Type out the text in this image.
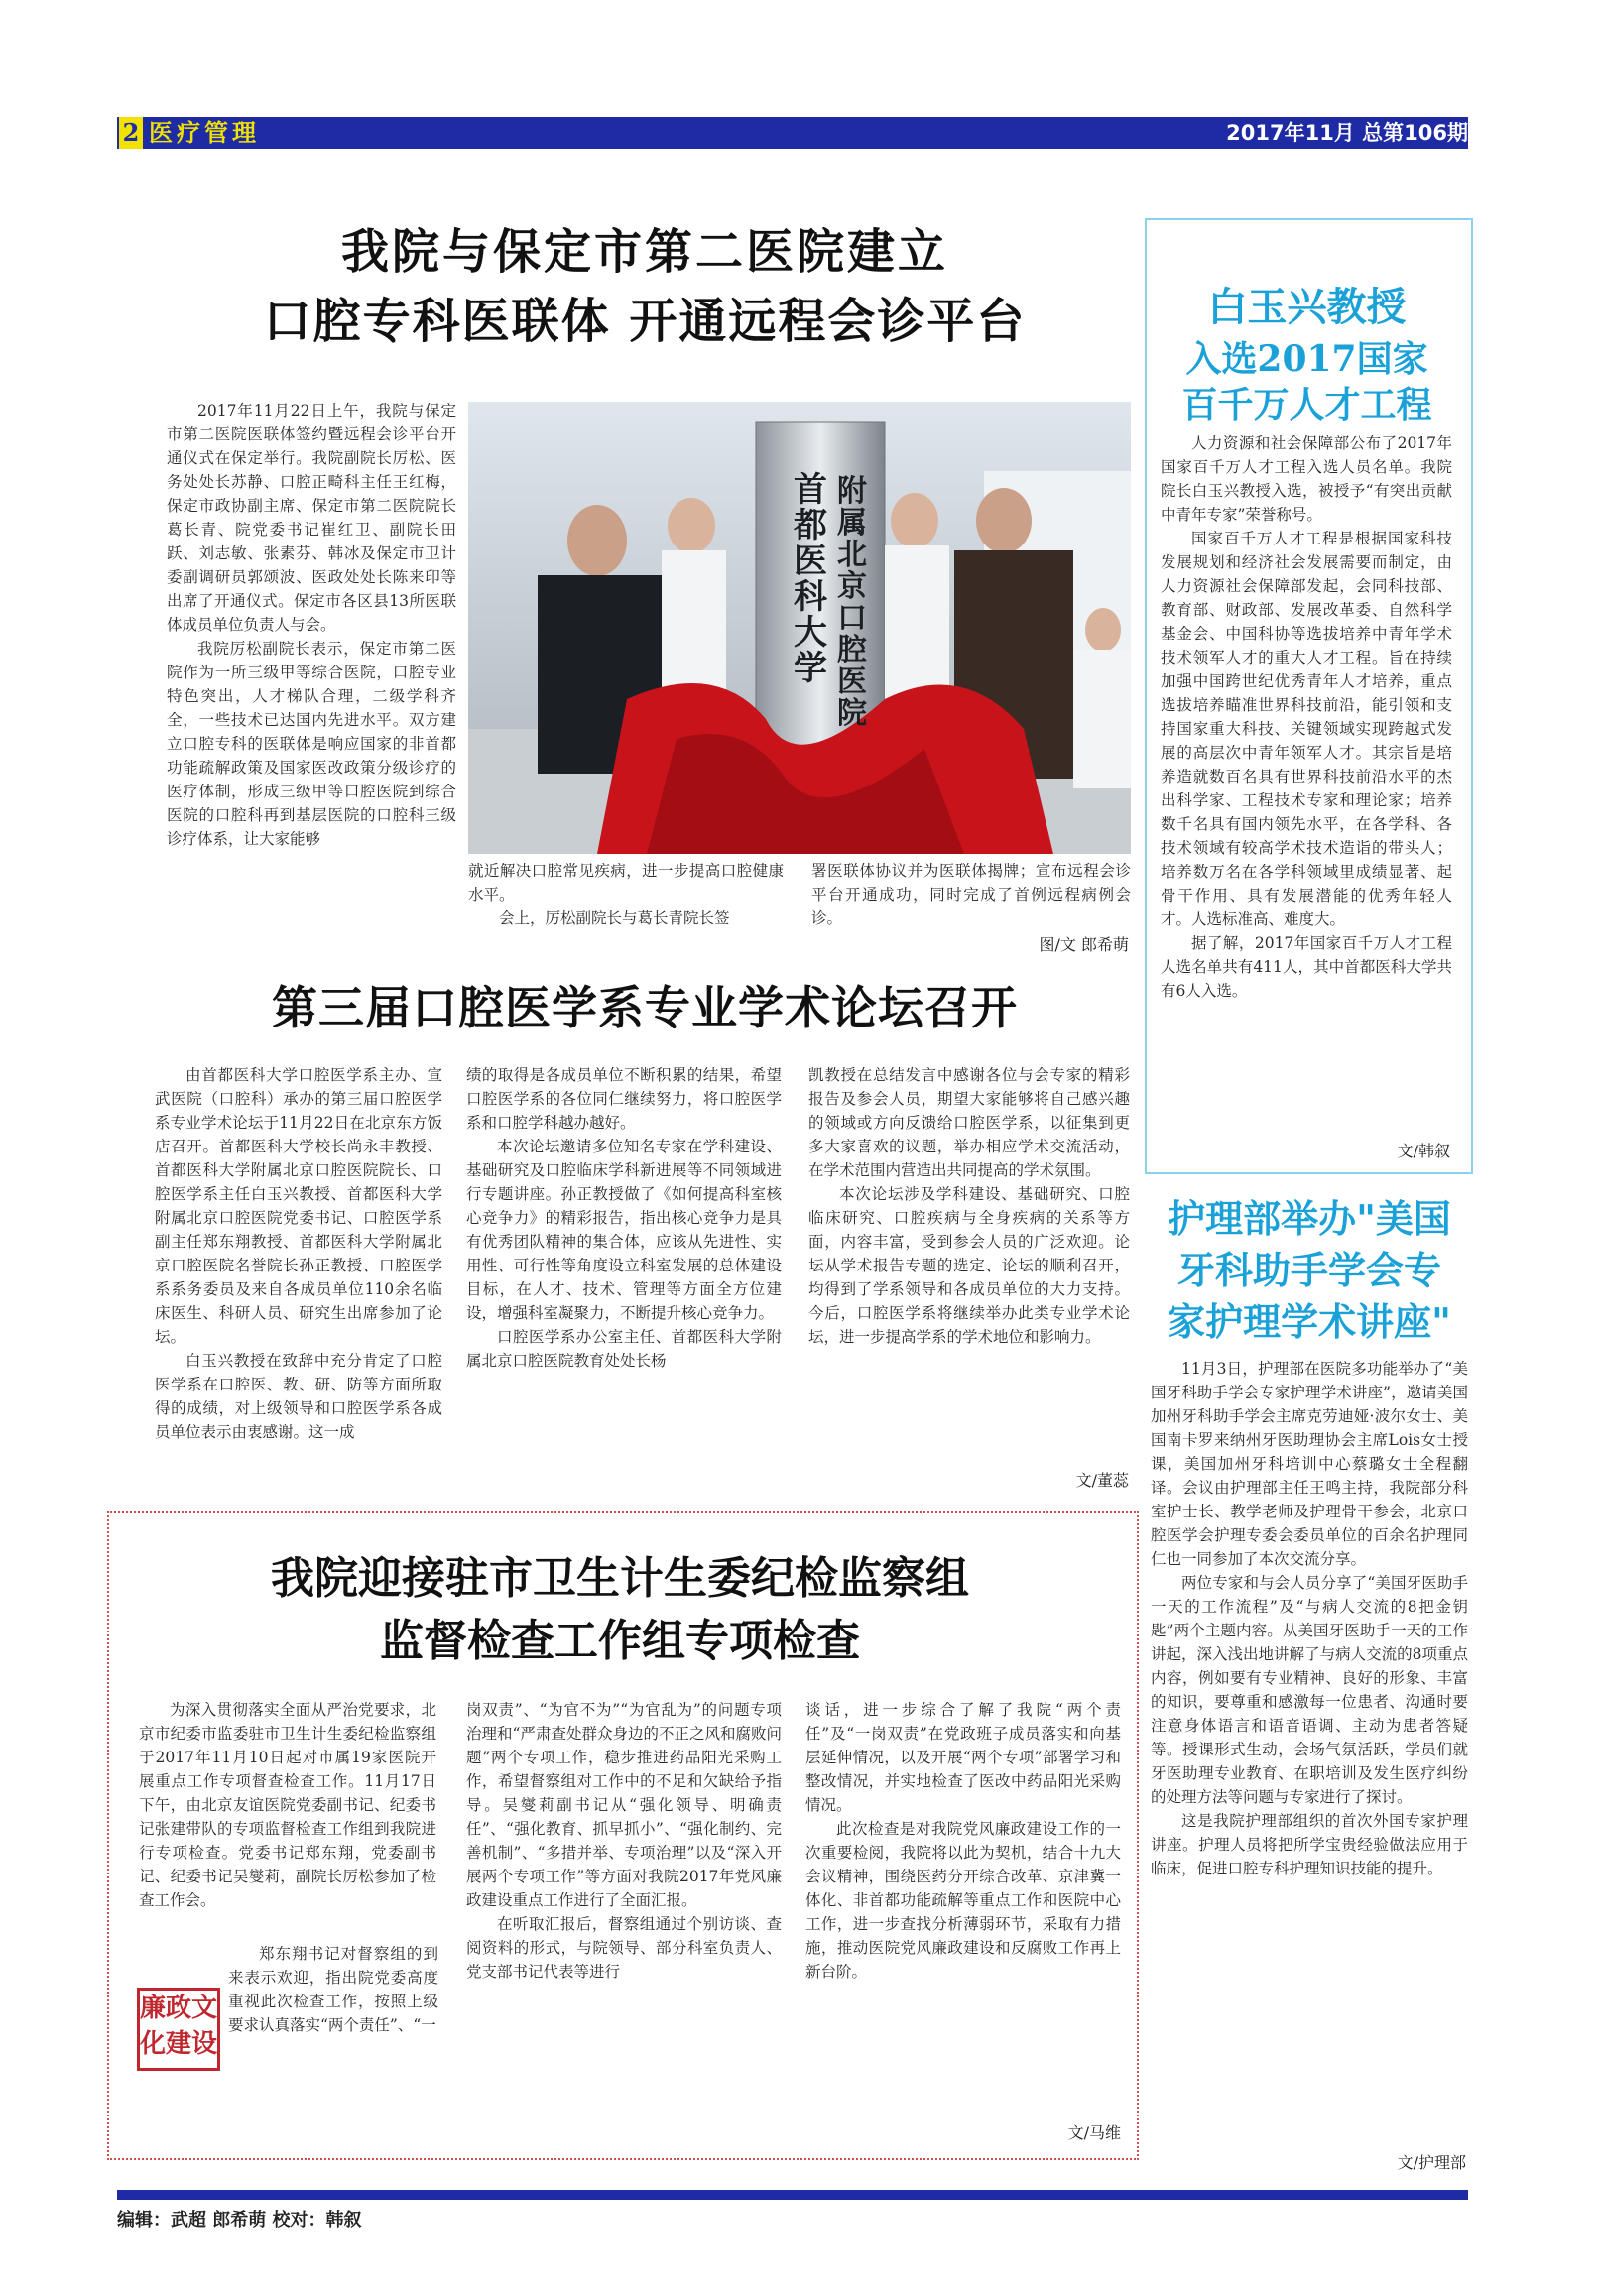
2 医疗管理	2017年11月 总第106期
我院与保定市第二医院建立
口腔专科医联体 开通远程会诊平台

2017年11月22日上午，我院与保定市第二医院医联体签约暨远程会诊平台开通仪式在保定举行。我院副院长厉松、医务处处长苏静、口腔正畸科主任王红梅，保定市政协副主席、保定市第二医院院长葛长青、院党委书记崔红卫、副院长田跃、刘志敏、张素芬、韩冰及保定市卫计委副调研员郭颂波、医政处处长陈来印等出席了开通仪式。保定市各区县13所医联体成员单位负责人与会。

我院厉松副院长表示，保定市第二医院作为一所三级甲等综合医院，口腔专业特色突出，人才梯队合理，二级学科齐全，一些技术已达国内先进水平。双方建立口腔专科的医联体是响应国家的非首都功能疏解政策及国家医改政策分级诊疗的医疗体制，形成三级甲等口腔医院到综合医院的口腔科再到基层医院的口腔科三级诊疗体系，让大家能够

首都医科大学
附属北京口腔医院

就近解决口腔常见疾病，进一步提高口腔健康水平。

会上，厉松副院长与葛长青院长签

署医联体协议并为医联体揭牌；宣布远程会诊平台开通成功，同时完成了首例远程病例会诊。

图/文 郎希萌
第三届口腔医学系专业学术论坛召开

由首都医科大学口腔医学系主办、宣武医院（口腔科）承办的第三届口腔医学系专业学术论坛于11月22日在北京东方饭店召开。首都医科大学校长尚永丰教授、首都医科大学附属北京口腔医院院长、口腔医学系主任白玉兴教授、首都医科大学附属北京口腔医院党委书记、口腔医学系副主任郑东翔教授、首都医科大学附属北京口腔医院名誉院长孙正教授、口腔医学系系务委员及来自各成员单位110余名临床医生、科研人员、研究生出席参加了论坛。

白玉兴教授在致辞中充分肯定了口腔医学系在口腔医、教、研、防等方面所取得的成绩，对上级领导和口腔医学系各成员单位表示由衷感谢。这一成

绩的取得是各成员单位不断积累的结果，希望口腔医学系的各位同仁继续努力，将口腔医学系和口腔学科越办越好。

本次论坛邀请多位知名专家在学科建设、基础研究及口腔临床学科新进展等不同领域进行专题讲座。孙正教授做了《如何提高科室核心竞争力》的精彩报告，指出核心竞争力是具有优秀团队精神的集合体，应该从先进性、实用性、可行性等角度设立科室发展的总体建设目标，在人才、技术、管理等方面全方位建设，增强科室凝聚力，不断提升核心竞争力。

口腔医学系办公室主任、首都医科大学附属北京口腔医院教育处处长杨

凯教授在总结发言中感谢各位与会专家的精彩报告及参会人员，期望大家能够将自己感兴趣的领域或方向反馈给口腔医学系，以征集到更多大家喜欢的议题，举办相应学术交流活动，在学术范围内营造出共同提高的学术氛围。

本次论坛涉及学科建设、基础研究、口腔临床研究、口腔疾病与全身疾病的关系等方面，内容丰富，受到参会人员的广泛欢迎。论坛从学术报告专题的选定、论坛的顺利召开，均得到了学系领导和各成员单位的大力支持。今后，口腔医学系将继续举办此类专业学术论坛，进一步提高学系的学术地位和影响力。

文/董蕊
我院迎接驻市卫生计生委纪检监察组
监督检查工作组专项检查

为深入贯彻落实全面从严治党要求，北京市纪委市监委驻市卫生计生委纪检监察组于2017年11月10日起对市属19家医院开展重点工作专项督查检查工作。11月17日下午，由北京友谊医院党委副书记、纪委书记张建带队的专项监督检查工作组到我院进行专项检查。党委书记郑东翔，党委副书记、纪委书记吴燮莉，副院长厉松参加了检查工作会。

郑东翔书记对督察组的到来表示欢迎，指出院党委高度重视此次检查工作，按照上级要求认真落实“两个责任”、“一

廉政文化建设

岗双责”、“为官不为”“为官乱为”的问题专项治理和“严肃查处群众身边的不正之风和腐败问题”两个专项工作，稳步推进药品阳光采购工作，希望督察组对工作中的不足和欠缺给予指导。吴燮莉副书记从“强化领导、明确责任”、“强化教育、抓早抓小”、“强化制约、完善机制”、“多措并举、专项治理”以及“深入开展两个专项工作”等方面对我院2017年党风廉政建设重点工作进行了全面汇报。

在听取汇报后，督察组通过个别访谈、查阅资料的形式，与院领导、部分科室负责人、党支部书记代表等进行

谈话，进一步综合了解了我院“两个责任”及“一岗双责”在党政班子成员落实和向基层延伸情况，以及开展“两个专项”部署学习和整改情况，并实地检查了医改中药品阳光采购情况。

此次检查是对我院党风廉政建设工作的一次重要检阅，我院将以此为契机，结合十九大会议精神，围绕医药分开综合改革、京津冀一体化、非首都功能疏解等重点工作和医院中心工作，进一步查找分析薄弱环节，采取有力措施，推动医院党风廉政建设和反腐败工作再上新台阶。

文/马维
白玉兴教授
入选2017国家
百千万人才工程

人力资源和社会保障部公布了2017年国家百千万人才工程入选人员名单。我院院长白玉兴教授入选，被授予“有突出贡献中青年专家”荣誉称号。

国家百千万人才工程是根据国家科技发展规划和经济社会发展需要而制定，由人力资源社会保障部发起，会同科技部、教育部、财政部、发展改革委、自然科学基金会、中国科协等选拔培养中青年学术技术领军人才的重大人才工程。旨在持续加强中国跨世纪优秀青年人才培养，重点选拔培养瞄准世界科技前沿，能引领和支持国家重大科技、关键领域实现跨越式发展的高层次中青年领军人才。其宗旨是培养造就数百名具有世界科技前沿水平的杰出科学家、工程技术专家和理论家；培养数千名具有国内领先水平，在各学科、各技术领域有较高学术技术造诣的带头人；培养数万名在各学科领域里成绩显著、起骨干作用、具有发展潜能的优秀年轻人才。人选标准高、难度大。

据了解，2017年国家百千万人才工程人选名单共有411人，其中首都医科大学共有6人入选。

文/韩叙
护理部举办"美国
牙科助手学会专
家护理学术讲座"

11月3日，护理部在医院多功能举办了“美国牙科助手学会专家护理学术讲座”，邀请美国加州牙科助手学会主席克劳迪娅·波尔女士、美国南卡罗来纳州牙医助理协会主席Lois女士授课，美国加州牙科培训中心蔡璐女士全程翻译。会议由护理部主任王鸣主持，我院部分科室护士长、教学老师及护理骨干参会，北京口腔医学会护理专委会委员单位的百余名护理同仁也一同参加了本次交流分享。

两位专家和与会人员分享了“美国牙医助手一天的工作流程”及“与病人交流的8把金钥匙”两个主题内容。从美国牙医助手一天的工作讲起，深入浅出地讲解了与病人交流的8项重点内容，例如要有专业精神、良好的形象、丰富的知识，要尊重和感激每一位患者、沟通时要注意身体语言和语音语调、主动为患者答疑等。授课形式生动，会场气氛活跃，学员们就牙医助理专业教育、在职培训及发生医疗纠纷的处理方法等问题与专家进行了探讨。

这是我院护理部组织的首次外国专家护理讲座。护理人员将把所学宝贵经验做法应用于临床，促进口腔专科护理知识技能的提升。

文/护理部
编辑：武超 郎希萌 校对：韩叙
